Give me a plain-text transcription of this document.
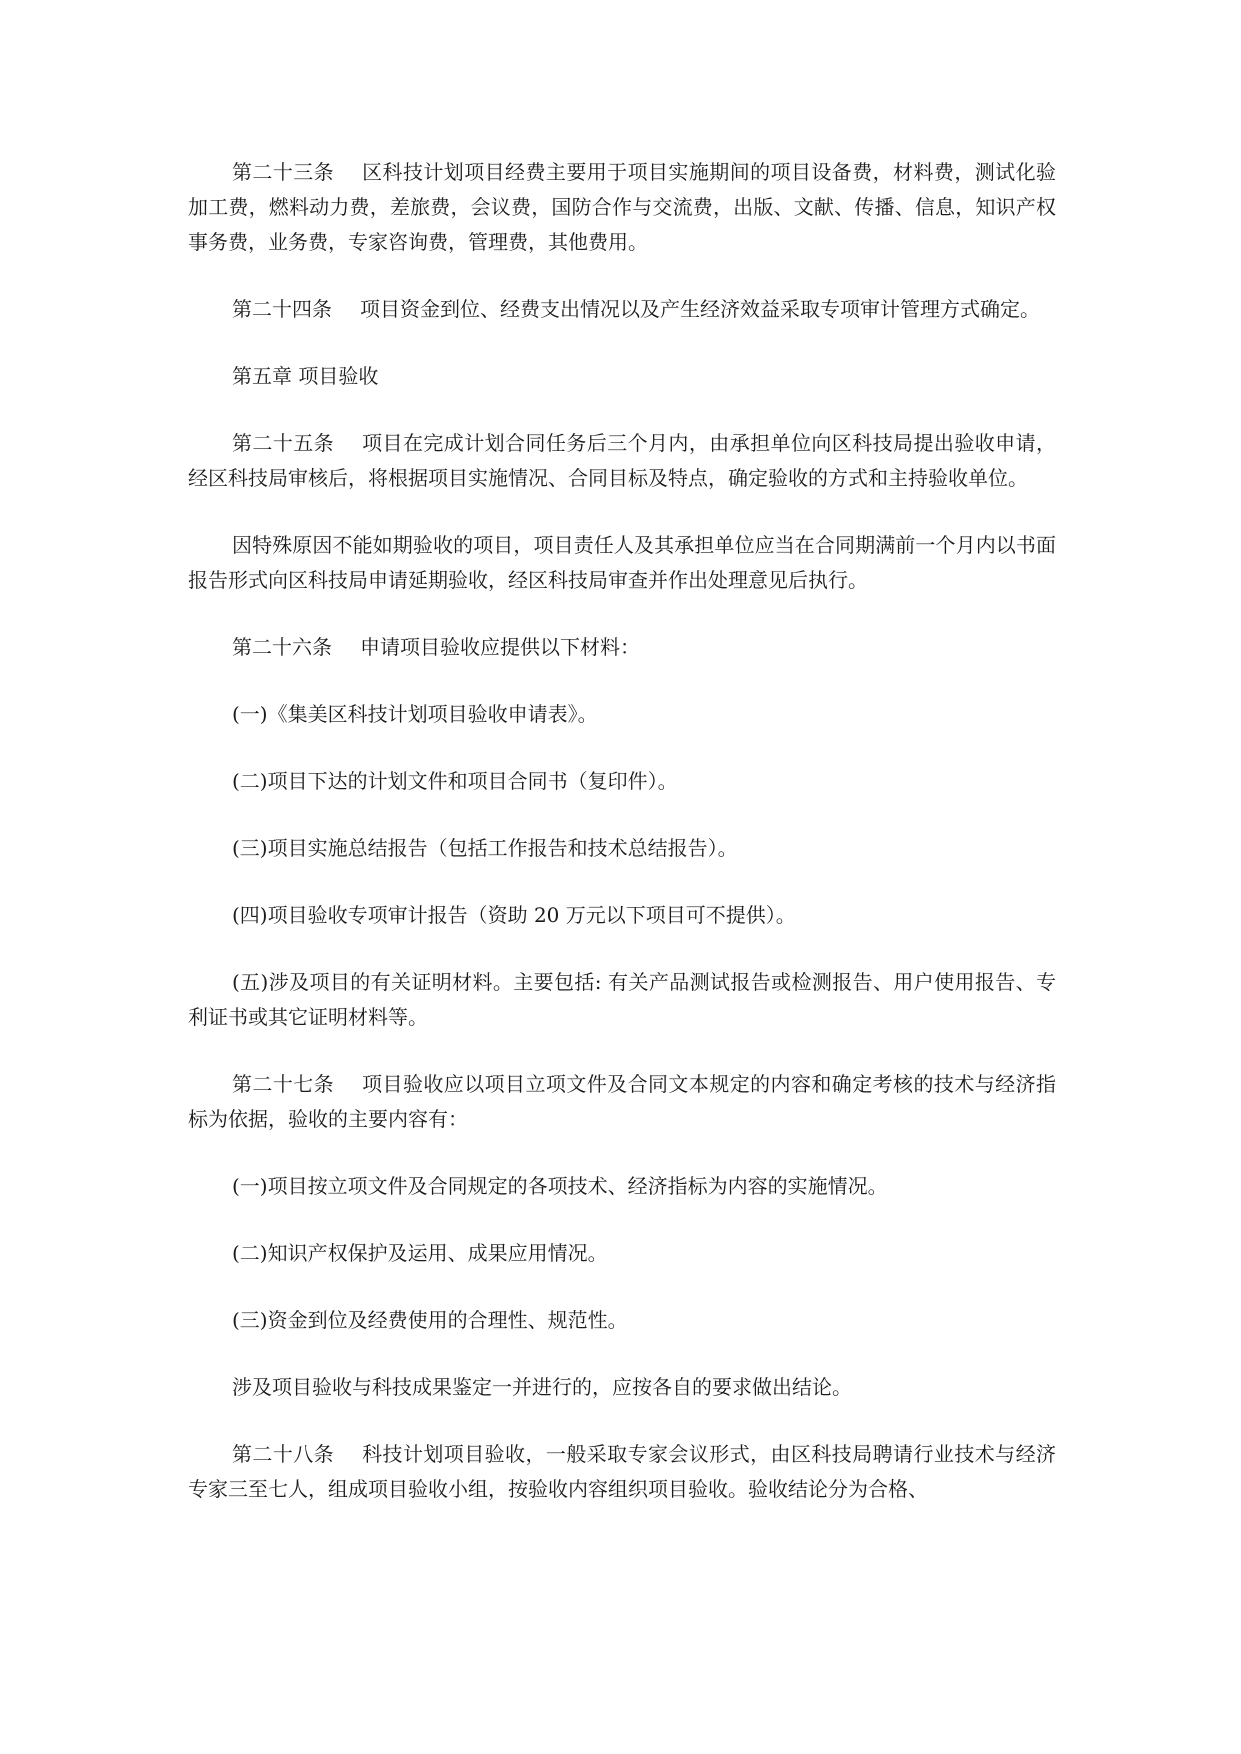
第二十三条 区科技计划项目经费主要用于项目实施期间的项目设备费，材料费，测试化验加工费，燃料动力费，差旅费，会议费，国防合作与交流费，出版、文献、传播、信息，知识产权事务费，业务费，专家咨询费，管理费，其他费用。

第二十四条 项目资金到位、经费支出情况以及产生经济效益采取专项审计管理方式确定。

第五章 项目验收

第二十五条 项目在完成计划合同任务后三个月内，由承担单位向区科技局提出验收申请，经区科技局审核后，将根据项目实施情况、合同目标及特点，确定验收的方式和主持验收单位。

因特殊原因不能如期验收的项目，项目责任人及其承担单位应当在合同期满前一个月内以书面报告形式向区科技局申请延期验收，经区科技局审查并作出处理意见后执行。

第二十六条 申请项目验收应提供以下材料：

(一)《集美区科技计划项目验收申请表》。

(二)项目下达的计划文件和项目合同书（复印件）。

(三)项目实施总结报告（包括工作报告和技术总结报告）。

(四)项目验收专项审计报告（资助 20 万元以下项目可不提供）。

(五)涉及项目的有关证明材料。主要包括: 有关产品测试报告或检测报告、用户使用报告、专利证书或其它证明材料等。

第二十七条 项目验收应以项目立项文件及合同文本规定的内容和确定考核的技术与经济指标为依据，验收的主要内容有：

(一)项目按立项文件及合同规定的各项技术、经济指标为内容的实施情况。

(二)知识产权保护及运用、成果应用情况。

(三)资金到位及经费使用的合理性、规范性。

涉及项目验收与科技成果鉴定一并进行的，应按各自的要求做出结论。

第二十八条 科技计划项目验收，一般采取专家会议形式，由区科技局聘请行业技术与经济专家三至七人，组成项目验收小组，按验收内容组织项目验收。验收结论分为合格、
